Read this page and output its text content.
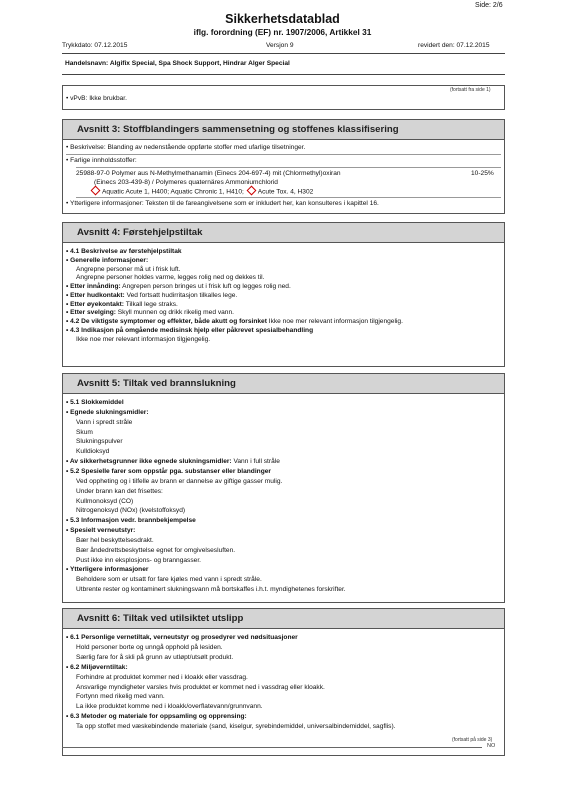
Side: 2/6
Sikkerhetsdatablad
iflg. forordning (EF) nr. 1907/2006, Artikkel 31
Trykkdato: 07.12.2015	Versjon 9	revidert den: 07.12.2015
Handelsnavn: Algifix Special, Spa Shock Support, Hindrar Alger Special
(fortsatt fra side 1)
• vPvB: Ikke brukbar.
Avsnitt 3: Stoffblandingers sammensetning og stoffenes klassifisering
• Beskrivelse: Blanding av nedenstående oppførte stoffer med ufarlige tilsetninger.
• Farlige innholdsstoffer:
25988-97-0 Polymer aus N-Methylmethanamin (Einecs 204-697-4) mit (Chlormethyl)oxiran	10-25%
(Einecs 203-439-8) / Polymeres quaternäres Ammoniumchlorid
Aquatic Acute 1, H400; Aquatic Chronic 1, H410; Acute Tox. 4, H302
• Ytterligere informasjoner: Teksten til de fareangivelsene som er inkludert her, kan konsulteres i kapittel 16.
Avsnitt 4: Førstehjelpstiltak
• 4.1 Beskrivelse av førstehjelpstiltak
• Generelle informasjoner:
Angrepne personer må ut i frisk luft.
Angrepne personer holdes varme, legges rolig ned og dekkes til.
• Etter innånding: Angrepen person bringes ut i frisk luft og legges rolig ned.
• Etter hudkontakt: Ved fortsatt hudirritasjon tilkalles lege.
• Etter øyekontakt: Tilkall lege straks.
• Etter svelging: Skyll munnen og drikk rikelig med vann.
• 4.2 De viktigste symptomer og effekter, både akutt og forsinket Ikke noe mer relevant informasjon tilgjengelig.
• 4.3 Indikasjon på omgående medisinsk hjelp eller påkrevet spesialbehandling
Ikke noe mer relevant informasjon tilgjengelig.
Avsnitt 5: Tiltak ved brannslukning
• 5.1 Slokkemiddel
• Egnede slukningsmidler:
Vann i spredt stråle
Skum
Slukningspulver
Kulldioksyd
• Av sikkerhetsgrunner ikke egnede slukningsmidler: Vann i full stråle
• 5.2 Spesielle farer som oppstår pga. substanser eller blandinger
Ved oppheting og i tilfelle av brann er dannelse av giftige gasser mulig.
Under brann kan det frisettes:
Kullmonoksyd (CO)
Nitrogenoksyd (NOx) (kvelstoffoksyd)
• 5.3 Informasjon vedr. brannbekjempelse
• Spesielt verneutstyr:
Bær hel beskyttelsesdrakt.
Bær åndedrettsbeskyttelse egnet for omgivelsesluften.
Pust ikke inn eksplosjons- og branngasser.
• Ytterligere informasjoner
Beholdere som er utsatt for fare kjøles med vann i spredt stråle.
Utbrente rester og kontaminert slukningsvann må bortskaffes i.h.t. myndighetenes forskrifter.
Avsnitt 6: Tiltak ved utilsiktet utslipp
• 6.1 Personlige vernetiltak, verneutstyr og prosedyrer ved nødsituasjoner
Hold personer borte og unngå opphold på lesiden.
Særlig fare for å skli på grunn av utløpt/utsølt produkt.
• 6.2 Miljøverntiltak:
Forhindre at produktet kommer ned i kloakk eller vassdrag.
Ansvarlige myndigheter varsles hvis produktet er kommet ned i vassdrag eller kloakk.
Fortynn med rikelig med vann.
La ikke produktet komme ned i kloakk/overflatevann/grunnvann.
• 6.3 Metoder og materiale for oppsamling og opprensing:
Ta opp stoffet med væskebindende materiale (sand, kiselgur, syrebindemiddel, universalbindemiddel, sagflis).
(fortsatt på side 3)
NO
